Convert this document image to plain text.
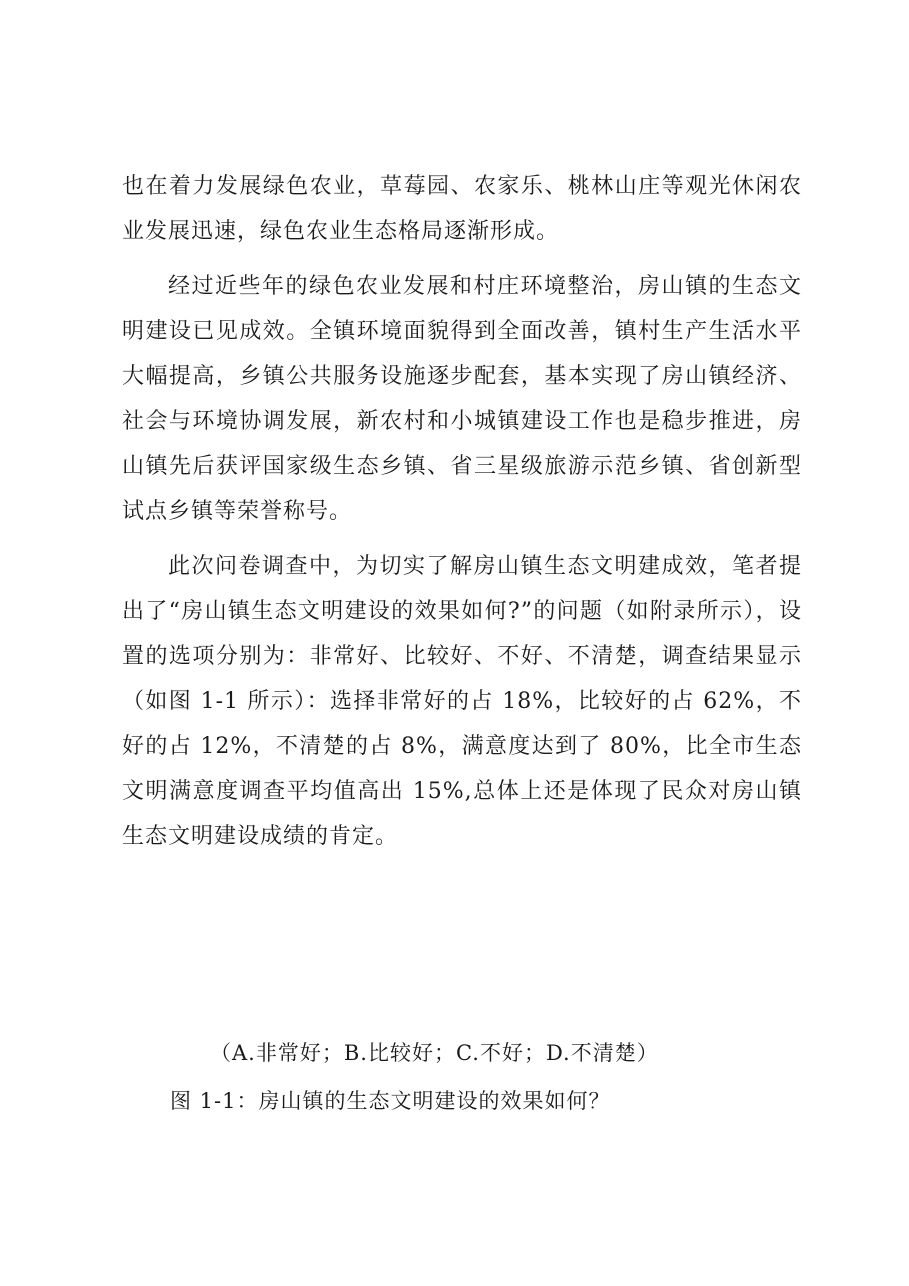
也在着力发展绿色农业，草莓园、农家乐、桃林山庄等观光休闲农业发展迅速，绿色农业生态格局逐渐形成。

经过近些年的绿色农业发展和村庄环境整治，房山镇的生态文明建设已见成效。全镇环境面貌得到全面改善，镇村生产生活水平大幅提高，乡镇公共服务设施逐步配套，基本实现了房山镇经济、社会与环境协调发展，新农村和小城镇建设工作也是稳步推进，房山镇先后获评国家级生态乡镇、省三星级旅游示范乡镇、省创新型试点乡镇等荣誉称号。

此次问卷调查中，为切实了解房山镇生态文明建成效，笔者提出了“房山镇生态文明建设的效果如何?”的问题（如附录所示），设置的选项分别为：非常好、比较好、不好、不清楚，调查结果显示（如图 1-1 所示）：选择非常好的占 18%，比较好的占 62%，不好的占 12%，不清楚的占 8%，满意度达到了 80%，比全市生态文明满意度调查平均值高出 15%,总体上还是体现了民众对房山镇生态文明建设成绩的肯定。

（A.非常好；B.比较好；C.不好；D.不清楚）
图 1-1：房山镇的生态文明建设的效果如何？
